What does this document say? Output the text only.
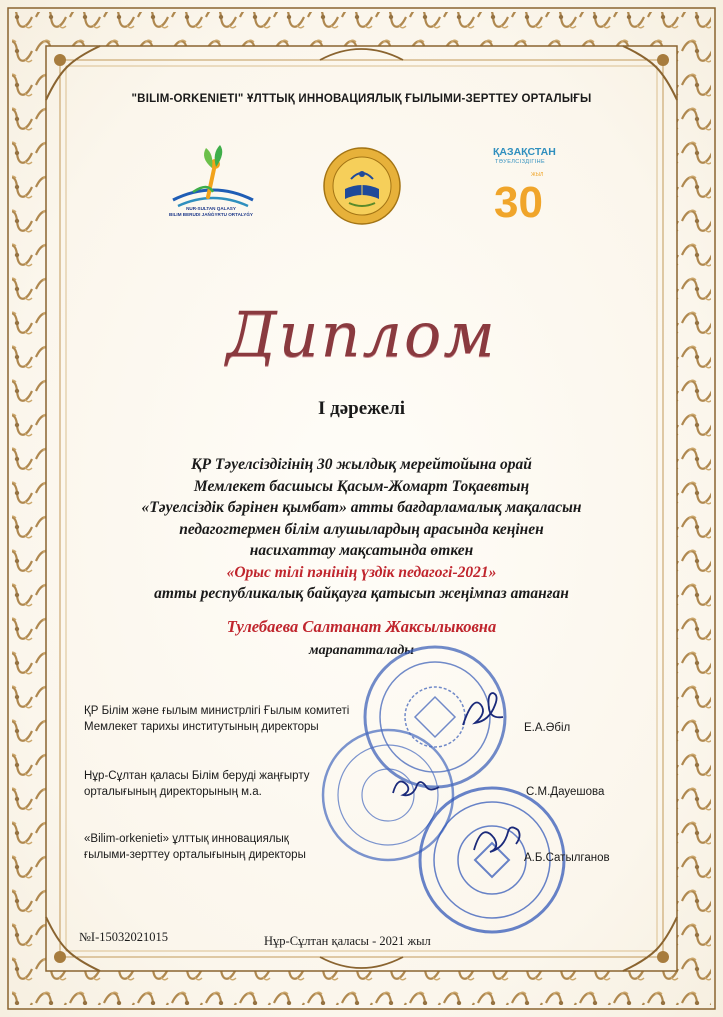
"BILIM-ORKENIETI" ҰЛТТЫҚ ИННОВАЦИЯЛЫҚ ҒЫЛЫМИ-ЗЕРТТЕУ ОРТАЛЫҒЫ
NUR-SULTAN QALASY
BILIM BERUDI JAŃǴYRTU ORTALYǴY
ҚАЗАҚСТАН
ТӘУЕЛСІЗДІГІНЕ
30
ЖЫЛ
Диплом
І дәрежелі
ҚР Тәуелсіздігінің 30 жылдық мерейтойына орай
Мемлекет басшысы Қасым-Жомарт Тоқаевтың
«Тәуелсіздік бәрінен қымбат» атты бағдарламалық мақаласын
педагогтермен білім алушылардың арасында кеңінен
насихаттау мақсатында өткен
«Орыс тілі пәнінің үздік педагогі-2021»
атты республикалық байқауға қатысып жеңімпаз атанған
Тулебаева Салтанат Жаксылыковна
марапатталады
ҚР Білім және ғылым министрлігі Ғылым комитеті
Мемлекет тарихы институтының директоры	Е.А.Әбіл
Нұр-Сұлтан қаласы Білім беруді жаңғырту
орталығының директорының м.а.	С.М.Дауешова
«Bilim-orkenieti» ұлттық инновациялық
ғылыми-зерттеу орталығының директоры	А.Б.Сатылганов
№І-15032021015	Нұр-Сұлтан қаласы - 2021 жыл
